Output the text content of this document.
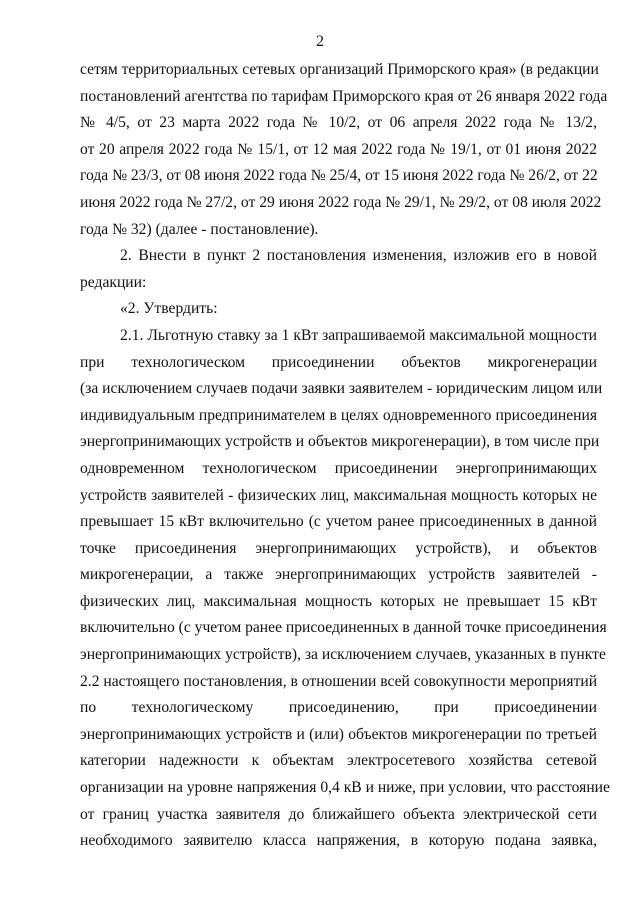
2
сетям территориальных сетевых организаций Приморского края» (в редакции
постановлений агентства по тарифам Приморского края от 26 января 2022 года
№ 4/5, от 23 марта 2022 года № 10/2, от 06 апреля 2022 года № 13/2,
от 20 апреля 2022 года № 15/1, от 12 мая 2022 года № 19/1, от 01 июня 2022
года № 23/3, от 08 июня 2022 года № 25/4, от 15 июня 2022 года № 26/2, от 22
июня 2022 года № 27/2, от 29 июня 2022 года № 29/1, № 29/2, от 08 июля 2022
года № 32) (далее - постановление).
2. Внести в пункт 2 постановления изменения, изложив его в новой
редакции:
«2. Утвердить:
2.1. Льготную ставку за 1 кВт запрашиваемой максимальной мощности
при технологическом присоединении объектов микрогенерации
(за исключением случаев подачи заявки заявителем - юридическим лицом или
индивидуальным предпринимателем в целях одновременного присоединения
энергопринимающих устройств и объектов микрогенерации), в том числе при
одновременном технологическом присоединении энергопринимающих
устройств заявителей - физических лиц, максимальная мощность которых не
превышает 15 кВт включительно (с учетом ранее присоединенных в данной
точке присоединения энергопринимающих устройств), и объектов
микрогенерации, а также энергопринимающих устройств заявителей -
физических лиц, максимальная мощность которых не превышает 15 кВт
включительно (с учетом ранее присоединенных в данной точке присоединения
энергопринимающих устройств), за исключением случаев, указанных в пункте
2.2 настоящего постановления, в отношении всей совокупности мероприятий
по технологическому присоединению, при присоединении
энергопринимающих устройств и (или) объектов микрогенерации по третьей
категории надежности к объектам электросетевого хозяйства сетевой
организации на уровне напряжения 0,4 кВ и ниже, при условии, что расстояние
от границ участка заявителя до ближайшего объекта электрической сети
необходимого заявителю класса напряжения, в которую подана заявка,
